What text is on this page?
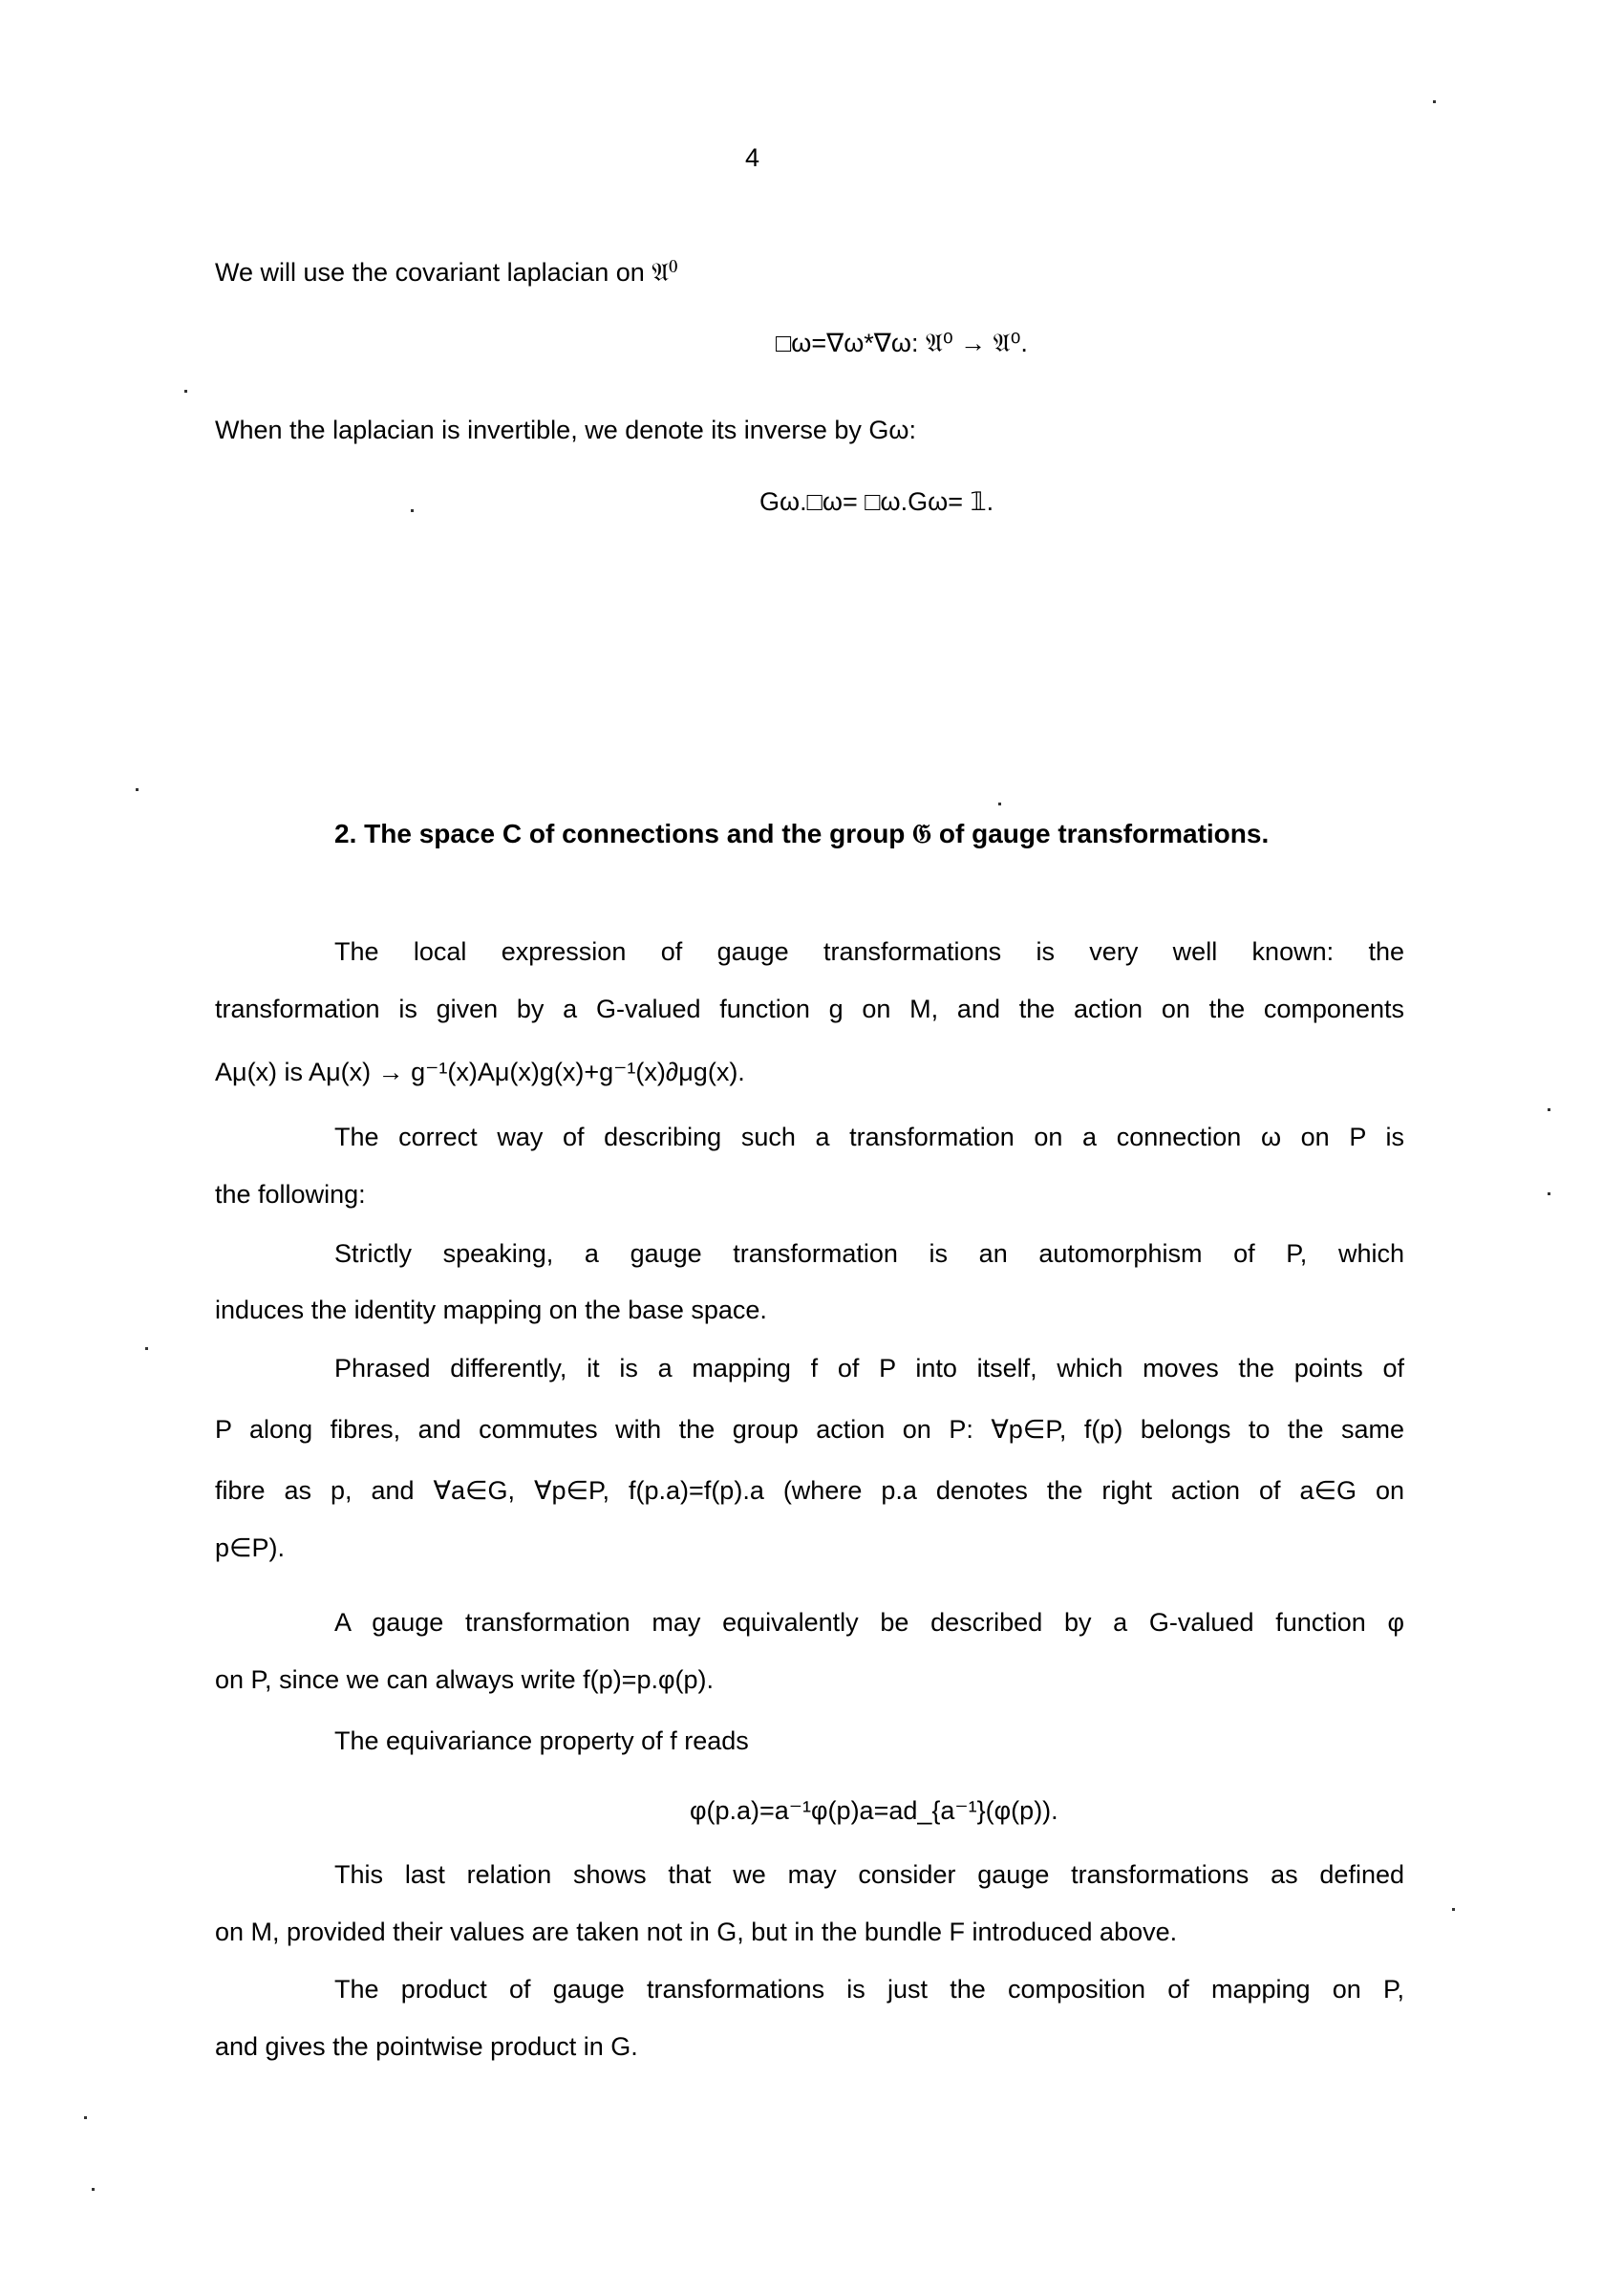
4
We will use the covariant laplacian on 𝔄⁰
□ω=∇ω*∇ω: 𝔄⁰ → 𝔄⁰.
When the laplacian is invertible, we denote its inverse by Gω:
Gω.□ω= □ω.Gω= 𝟙.
2. The space C of connections and the group 𝔊 of gauge transformations.
The local expression of gauge transformations is very well known: the
transformation is given by a G-valued function g on M, and the action on the components
Aμ(x) is Aμ(x) → g⁻¹(x)Aμ(x)g(x)+g⁻¹(x)∂μg(x).
The correct way of describing such a transformation on a connection ω on P is
the following:
Strictly speaking, a gauge transformation is an automorphism of P, which
induces the identity mapping on the base space.
Phrased differently, it is a mapping f of P into itself, which moves the points of
P along fibres, and commutes with the group action on P: ∀p∈P, f(p) belongs to the same
fibre as p, and ∀a∈G, ∀p∈P, f(p.a)=f(p).a (where p.a denotes the right action of a∈G on
p∈P).
A gauge transformation may equivalently be described by a G-valued function φ
on P, since we can always write f(p)=p.φ(p).
The equivariance property of f reads
φ(p.a)=a⁻¹φ(p)a=ad_{a⁻¹}(φ(p)).
This last relation shows that we may consider gauge transformations as defined
on M, provided their values are taken not in G, but in the bundle F introduced above.
The product of gauge transformations is just the composition of mapping on P,
and gives the pointwise product in G.
